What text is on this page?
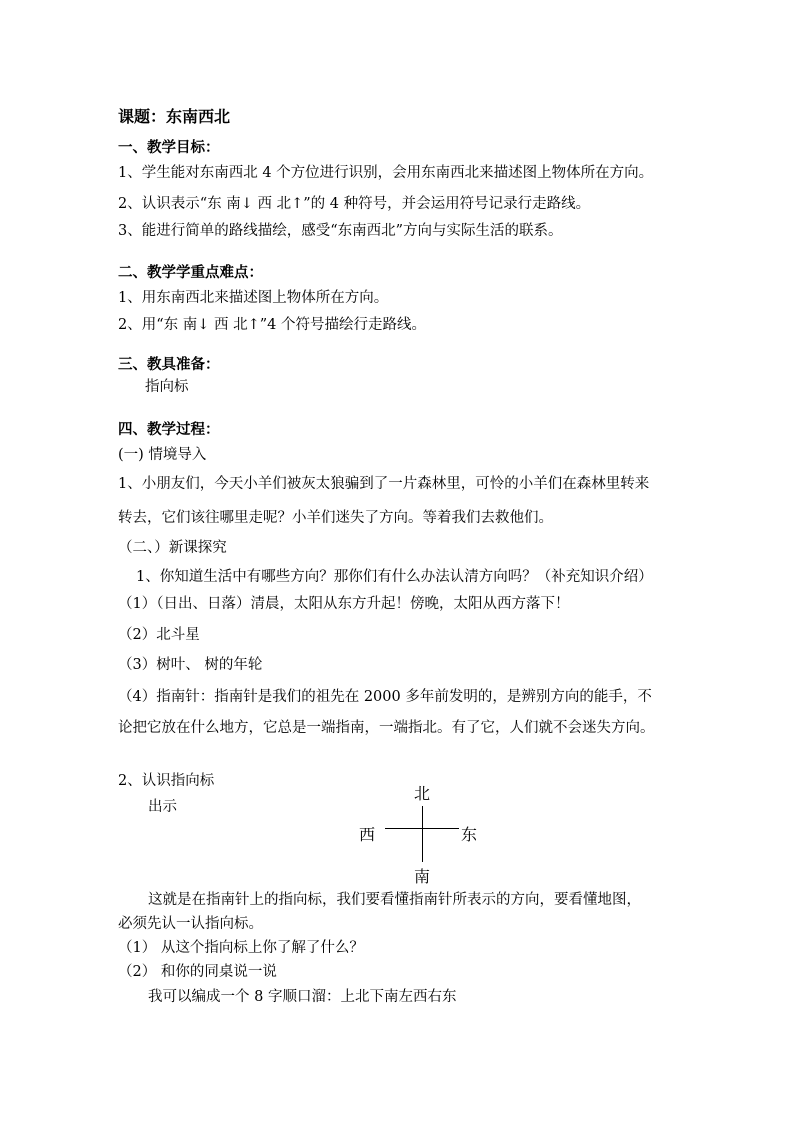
课题：东南西北
一、教学目标：
1、学生能对东南西北 4 个方位进行识别，会用东南西北来描述图上物体所在方向。
2、认识表示“东 南↓ 西 北↑”的 4 种符号，并会运用符号记录行走路线。
3、能进行简单的路线描绘，感受“东南西北”方向与实际生活的联系。
二、教学学重点难点：
1、用东南西北来描述图上物体所在方向。
2、用“东 南↓ 西 北↑”4 个符号描绘行走路线。
三、教具准备：
指向标
四、教学过程：
(一) 情境导入
1、小朋友们，今天小羊们被灰太狼骗到了一片森林里，可怜的小羊们在森林里转来
转去，它们该往哪里走呢？小羊们迷失了方向。等着我们去救他们。
（二、）新课探究
1、你知道生活中有哪些方向？那你们有什么办法认清方向吗？（补充知识介绍）
（1）（日出、日落）清晨，太阳从东方升起！傍晚，太阳从西方落下！
（2）北斗星
（3）树叶、 树的年轮
（4）指南针：指南针是我们的祖先在 2000 多年前发明的，是辨别方向的能手，不
论把它放在什么地方，它总是一端指南，一端指北。有了它，人们就不会迷失方向。
2、认识指向标
出示
北
西	东
南
这就是在指南针上的指向标，我们要看懂指南针所表示的方向，要看懂地图，
必须先认一认指向标。
（1） 从这个指向标上你了解了什么？
（2） 和你的同桌说一说
我可以编成一个 8 字顺口溜：上北下南左西右东
